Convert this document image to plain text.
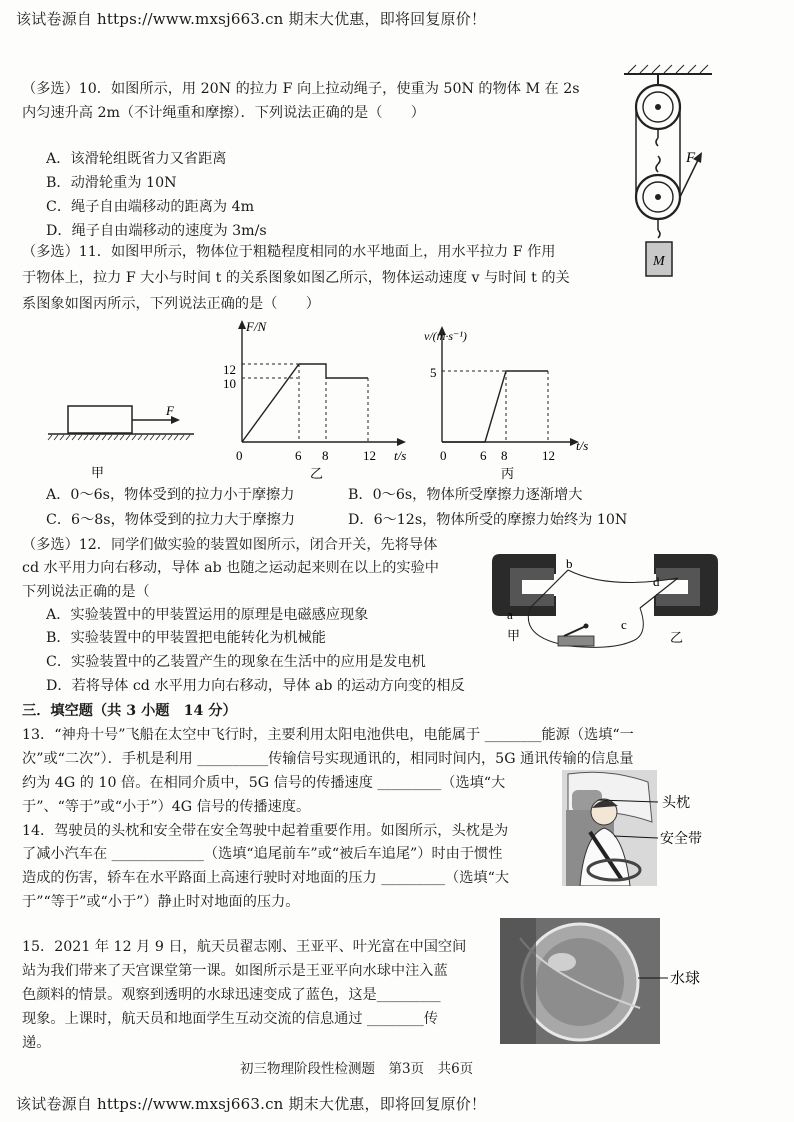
该试卷源自 https://www.mxsj663.cn 期末大优惠，即将回复原价！
（多选）10．如图所示，用 20N 的拉力 F 向上拉动绳子，使重为 50N 的物体 M 在 2s
内匀速升高 2m（不计绳重和摩擦）．下列说法正确的是（　　）
A．该滑轮组既省力又省距离
B．动滑轮重为 10N
C．绳子自由端移动的距离为 4m
D．绳子自由端移动的速度为 3m/s
F
M
（多选）11．如图甲所示，物体位于粗糙程度相同的水平地面上，用水平拉力 F 作用
于物体上，拉力 F 大小与时间 t 的关系图象如图乙所示，物体运动速度 v 与时间 t 的关
系图象如图丙所示，下列说法正确的是（　　）
F
甲
F/N
t/s
0	6 8	12
12
10
乙
v/(m·s⁻¹)
t/s
0	6 8	12
5
丙
A．0～6s，物体受到的拉力小于摩擦力	B．0～6s，物体所受摩擦力逐渐增大
C．6～8s，物体受到的拉力大于摩擦力	D．6～12s，物体所受的摩擦力始终为 10N
（多选）12．同学们做实验的装置如图所示，闭合开关，先将导体
cd 水平用力向右移动，导体 ab 也随之运动起来则在以上的实验中
下列说法正确的是（
A．实验装置中的甲装置运用的原理是电磁感应现象
B．实验装置中的甲装置把电能转化为机械能
C．实验装置中的乙装置产生的现象在生活中的应用是发电机
D．若将导体 cd 水平用力向右移动，导体 ab 的运动方向变的相反
b
d
a
c
甲	乙
三．填空题（共 3 小题　14 分）
13．“神舟十号”飞船在太空中飞行时，主要利用太阳电池供电，电能属于 ________能源（选填“一
次”或“二次”）．手机是利用 __________传输信号实现通讯的，相同时间内，5G 通讯传输的信息量
约为 4G 的 10 倍。在相同介质中，5G 信号的传播速度 _________（选填“大
于”、“等于”或“小于”）4G 信号的传播速度。
14．驾驶员的头枕和安全带在安全驾驶中起着重要作用。如图所示，头枕是为
了减小汽车在 _____________（选填“追尾前车”或“被后车追尾”）时由于惯性
造成的伤害，轿车在水平路面上高速行驶时对地面的压力 _________（选填“大
于”“等于”或“小于”）静止时对地面的压力。
头枕
安全带
15．2021 年 12 月 9 日，航天员翟志刚、王亚平、叶光富在中国空间
站为我们带来了天宫课堂第一课。如图所示是王亚平向水球中注入蓝
色颜料的情景。观察到透明的水球迅速变成了蓝色，这是_________
现象。上课时，航天员和地面学生互动交流的信息通过 ________传
递。
水球
初三物理阶段性检测题　第3页　共6页
该试卷源自 https://www.mxsj663.cn 期末大优惠，即将回复原价！
